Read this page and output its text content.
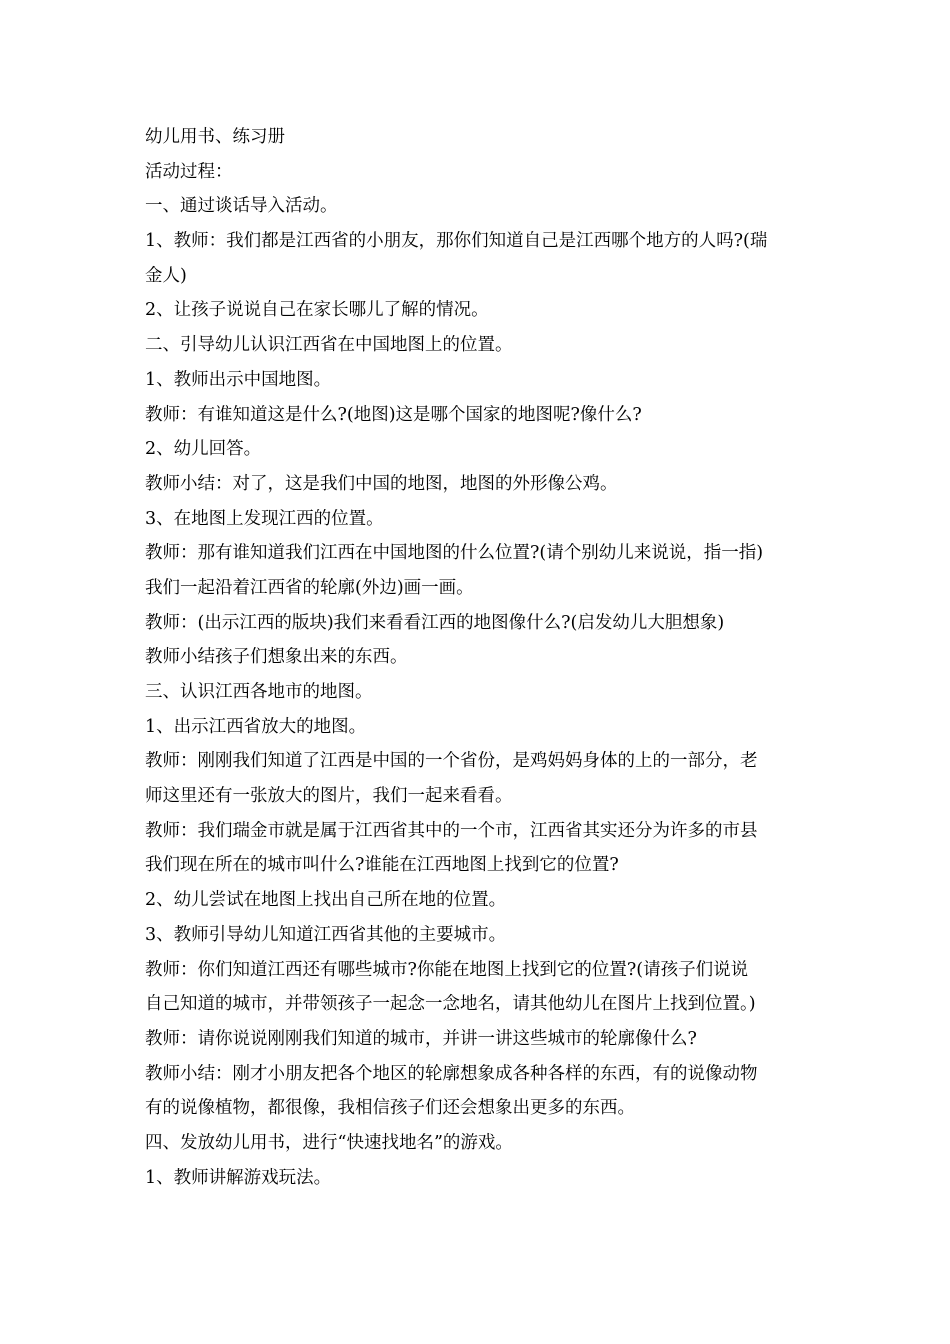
幼儿用书、练习册
活动过程：
一、通过谈话导入活动。
1、教师：我们都是江西省的小朋友，那你们知道自己是江西哪个地方的人吗?(瑞
金人)
2、让孩子说说自己在家长哪儿了解的情况。
二、引导幼儿认识江西省在中国地图上的位置。
1、教师出示中国地图。
教师：有谁知道这是什么?(地图)这是哪个国家的地图呢?像什么?
2、幼儿回答。
教师小结：对了，这是我们中国的地图，地图的外形像公鸡。
3、在地图上发现江西的位置。
教师：那有谁知道我们江西在中国地图的什么位置?(请个别幼儿来说说，指一指)
我们一起沿着江西省的轮廓(外边)画一画。
教师：(出示江西的版块)我们来看看江西的地图像什么?(启发幼儿大胆想象)
教师小结孩子们想象出来的东西。
三、认识江西各地市的地图。
1、出示江西省放大的地图。
教师：刚刚我们知道了江西是中国的一个省份，是鸡妈妈身体的上的一部分，老
师这里还有一张放大的图片，我们一起来看看。
教师：我们瑞金市就是属于江西省其中的一个市，江西省其实还分为许多的市县
我们现在所在的城市叫什么?谁能在江西地图上找到它的位置?
2、幼儿尝试在地图上找出自己所在地的位置。
3、教师引导幼儿知道江西省其他的主要城市。
教师：你们知道江西还有哪些城市?你能在地图上找到它的位置?(请孩子们说说
自己知道的城市，并带领孩子一起念一念地名，请其他幼儿在图片上找到位置。)
教师：请你说说刚刚我们知道的城市，并讲一讲这些城市的轮廓像什么?
教师小结：刚才小朋友把各个地区的轮廓想象成各种各样的东西，有的说像动物
有的说像植物，都很像，我相信孩子们还会想象出更多的东西。
四、发放幼儿用书，进行“快速找地名”的游戏。
1、教师讲解游戏玩法。
